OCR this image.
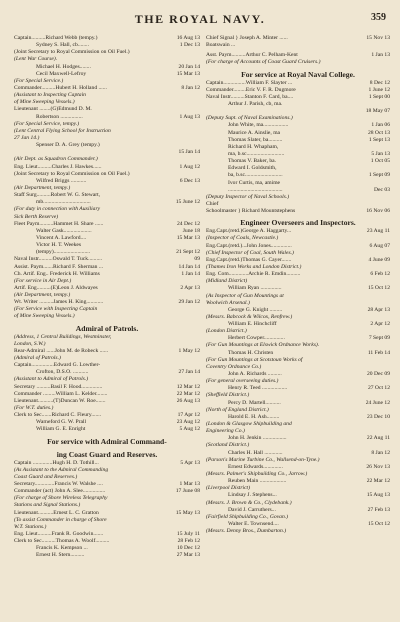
THE ROYAL NAVY.	359
Captain..........Richard Webb (tempy.)	16 Aug 13
Sydney S. Hall, cb........	1 Dec 13
(Joint Secretary to Royal Commission on Oil Fuel.)
(Lent War Course).
Michael H. Hodges........	20 Jan 14
Cecil Maxwell-Lefroy	15 Mar 13
(For Special Service.)
Commander..........Hubert H. Holland ......	8 Jan 12
(Assistant to Inspecting Captain
of Mine Sweeping Vessels.)
Lieutenant ........(G)Edmund D. M.
Robertson ................	1 Aug 13
(For Special Service, tempy.)
(Lent Central Flying School for Instruction
27 Jan 14.)
Spenser D. A. Grey (tempy.)
15 Jan 14
(Air Dept. as Squadron Commander.)
Eng. Lieut..........Charles J. Hawkes......	1 Aug 12
(Joint Secretary to Royal Commission on Oil Fuel.)
Wilfred Briggs ...........	6 Dec 13
(Air Department, tempy.)
Staff Surg..........Robert W. G. Stewart,
mb..................................	15 June 12
(For duty in connection with Auxiliary
Sick Berth Reserve)
Fleet Paym..........Hammet H. Share ......	24 Dec 12
Walter Gask....................	June 18
Vincent A. Lawford....	15 Mar 13
Victor H. T. Weekes
(tempy)..........................	21 Sept 12
Naval Instr..........Oswald T. Tuck..........	09
Assist. Paym.......Richard F. Sherman ...	14 Jan 14
Ch. Artif. Eng.. Frederick H. Williams	1 Jan 14
(For service in Air Dept.)
Artif. Eng..........(E)Leon J. Aldwayes	2 Apr 13
(Air Department, tempy.)
Wt. Writer ..........James H. King............	29 Jan 12
(For Service with Inspecting Captain
of Mine Sweeping Vessels.)
Admiral of Patrols.
(Address, 1 Central Buildings, Westminster,
London, S.W.)
Rear-Admiral ......John M. de Robeck ......	1 May 12
(Admiral of Patrols.)
Captain................Edward G. Lowther-
Crofton, D.S.O. ...........	27 Jan 14
(Assistant to Admiral of Patrols.)
Secretary ..........Basil F. Hood...............	12 Mar 12
Commander .........William L. Kelder........	22 Mar 12
Lieutenant...........(T)Duncan W. Roe.......	26 Aug 13
(For W.T. duties.)
Clerk to Sec.......Richard C. Fleury.......	17 Apr 12
Warneford G. W. Prall	23 Aug 12
William G. E. Enright	5 Aug 12
For service with Admiral Command-
ing Coast Guard and Reserves.
Captain ..............Hugh H. D. Tothill...	5 Apr 13
(As Assistant to the Admiral Commanding
Coast Guard and Reserves.)
Secretary..............Francis W. Walshe ....	1 Mar 13
Commander (act) John A. Slee................	17 June 08
(For charge of Shore Wireless Telegraphy
Stations and Signal Stations.)
Lieutenant...........Ernest L. C. Gratton	15 May 13
(To assist Commander in charge of Shore
W.T. Stations.)
Eng. Lieut..........Frank R. Goodwin.......	15 July 11
Clerk to Sec..........Thomas A. Woolf..........	28 Feb 12
Francis K. Kempson ...	10 Dec 12
Ernest H. Stern..........	27 Mar 13
Chief Signal } Joseph A. Minter ......	15 Nov 13
Boatswain ...
Asst. Paym..........Arthur C. Pelham-Kent	1 Jan 13
(For charge of Accounts of Coast Guard Cruisers.)
For service at Royal Naval College.
Captain................William F. Slayter ...	8 Dec 12
Commander.........Eric V. F. R. Dugmore	1 June 12
Naval Instr..........Stanton F. Card, ba....	1 Sept 00
Arthur J. Parish, cb, ma.
18 May 07
(Deputy Supt. of Naval Examinations.)
John White, ma..................	1 Jan 06
Maurice A. Ainslie, ma	28 Oct 13
Thomas Slater, ba..........	1 Sept 13
Richard H. Whapham,
ma, b.sc...........................	5 Jan 13
Thomas V. Baker, ba.	1 Oct 05
Edward I. Goldsmith,
ba, b.sc...........................	1 Sept 09
Ivor Curtis, ma, amime
.......................................	Dec 03
(Deputy Inspector of Naval Schools.)
Chief
Schoolmaster } Richard Mountstephens	16 Nov 06
Engineer Overseers and Inspectors.
Eng.Capt.(retd.)George A. Haggarty...	23 Aug 11
(Inspector of Coals, Newcastle.)
Eng.Capt.(retd.)...John Jones...............	6 Aug 07
(Chief Inspector of Coal, South Wales.)
Eng.Capt.(retd.)Thomas G. Cayer.......	4 June 09
(Thames Iron Works and London District.)
Eng. Com..............Archie R. Emdin..........	6 Feb 12
(Midland District)
William Ryan ...............	15 Oct 12
(As Inspector of Gun Mountings at
Woolwich Arsenal.)
George G. Knight .........	28 Apr 13
(Messrs. Babcock & Wilcox, Renfrew.)
William E. Hinchcliff	2 Apr 12
(London District.)
Herbert Cowper...............	7 Sept 09
(For Gun Mountings at Elswick Ordnance Works).
Thomas H. Christen	11 Feb 14
(For Gun Mountings at Scotstoun Works of
Coventry Ordnance Co.)
John A. Richards ..........	20 Dec 09
(For general overseeing duties.)
Henry R. Teed ..................	27 Oct 12
(Sheffield District.)
Percy D. Martell...........	24 June 12
(North of England District.)
Harold E. H. Ash.........	23 Dec 10
(London & Glasgow Shipbuilding and
Engineering Co.)
John H. Jenkin .................	22 Aug 11
(Scotland District.)
Charles H. Hall .............	8 Jan 12
(Parson's Marine Turbine Co., Wallsend-on-Tyne.)
Ernest Edwards..............	26 Nov 13
(Messrs. Palmer's Shipbuilding Co., Jarrow.)
Reuben Main ...................	22 Mar 12
(Liverpool District)
Lindsay J. Stephens...	15 Aug 13
(Messrs. J. Brown & Co., Clydebank.)
David J. Carruthers...	27 Feb 13
(Fairfield Shipbuilding Co., Govan.)
Walter E. Townsend....	15 Oct 12
(Messrs. Denny Bros., Dumbarton.)
